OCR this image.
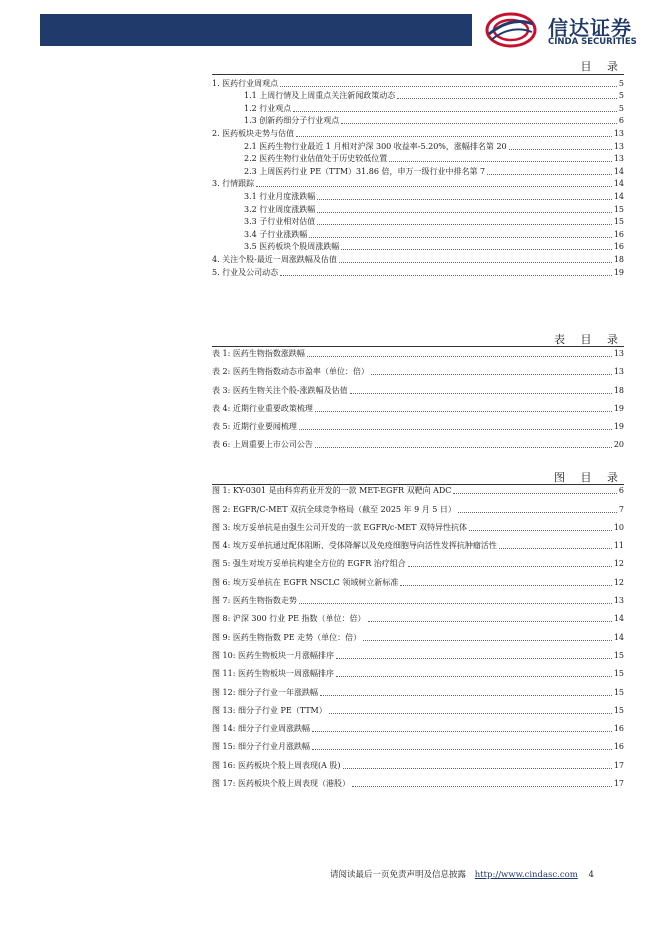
信达证券
CINDA SECURITIES
目 录
1. 医药行业周观点	5
1.1 上周行情及上周重点关注新闻政策动态	5
1.2 行业观点	5
1.3 创新药细分子行业观点	6
2. 医药板块走势与估值	13
2.1 医药生物行业最近 1 月相对沪深 300 收益率-5.20%，涨幅排名第 20	13
2.2 医药生物行业估值处于历史较低位置	13
2.3 上周医药行业 PE（TTM）31.86 倍，申万一级行业中排名第 7	14
3. 行情跟踪	14
3.1 行业月度涨跌幅	14
3.2 行业周度涨跌幅	15
3.3 子行业相对估值	15
3.4 子行业涨跌幅	16
3.5 医药板块个股周涨跌幅	16
4. 关注个股-最近一周涨跌幅及估值	18
5. 行业及公司动态	19
表 目 录
表 1: 医药生物指数涨跌幅	13
表 2: 医药生物指数动态市盈率（单位：倍）	13
表 3: 医药生物关注个股-涨跌幅及估值	18
表 4: 近期行业重要政策梳理	19
表 5: 近期行业要闻梳理	19
表 6: 上周重要上市公司公告	20
图 目 录
图 1: KY-0301 是由科弈药业开发的一款 MET-EGFR 双靶向 ADC	6
图 2: EGFR/C-MET 双抗全球竞争格局（截至 2025 年 9 月 5 日）	7
图 3: 埃万妥单抗是由强生公司开发的一款 EGFR/c-MET 双特异性抗体	10
图 4: 埃万妥单抗通过配体阻断、受体降解以及免疫细胞导向活性发挥抗肿瘤活性	11
图 5: 强生对埃万妥单抗构建全方位的 EGFR 治疗组合	12
图 6: 埃万妥单抗在 EGFR NSCLC 领域树立新标准	12
图 7: 医药生物指数走势	13
图 8: 沪深 300 行业 PE 指数（单位：倍）	14
图 9: 医药生物指数 PE 走势（单位：倍）	14
图 10: 医药生物板块一月涨幅排序	15
图 11: 医药生物板块一周涨幅排序	15
图 12: 细分子行业一年涨跌幅	15
图 13: 细分子行业 PE（TTM）	15
图 14: 细分子行业周涨跌幅	16
图 15: 细分子行业月涨跌幅	16
图 16: 医药板块个股上周表现(A 股)	17
图 17: 医药板块个股上周表现（港股）	17
请阅读最后一页免责声明及信息披露 http://www.cindasc.com 4
